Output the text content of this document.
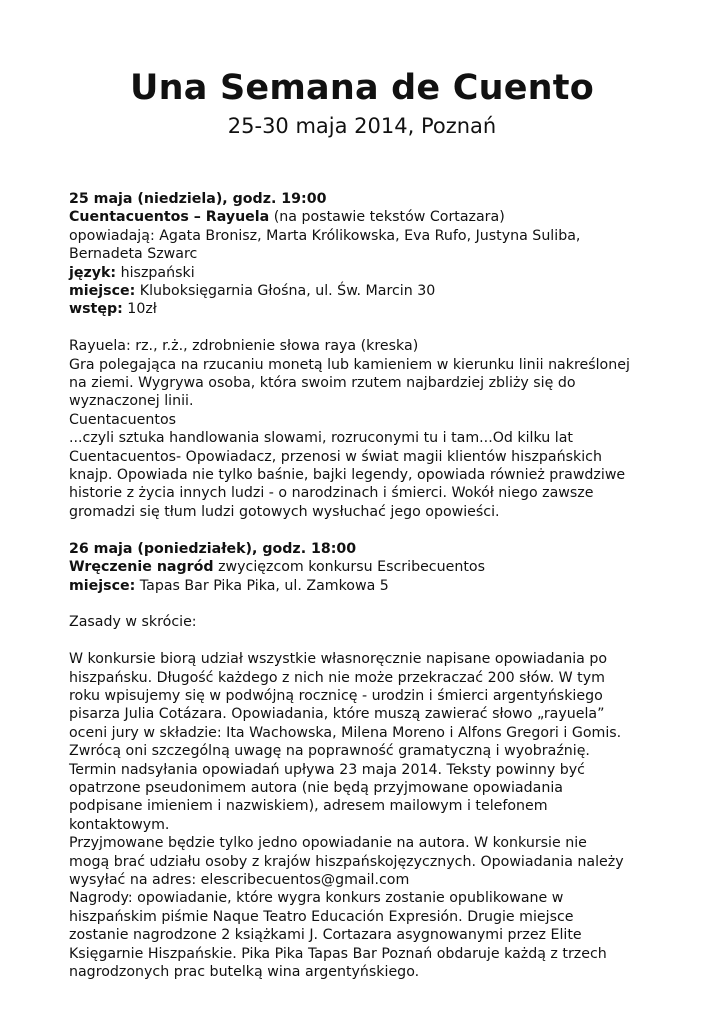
Una Semana de Cuento
25-30 maja 2014, Poznań

25 maja (niedziela), godz. 19:00

Cuentacuentos – Rayuela (na postawie tekstów Cortazara)

opowiadają: Agata Bronisz, Marta Królikowska, Eva Rufo, Justyna Suliba,

Bernadeta Szwarc

język: hiszpański

miejsce: Kluboksięgarnia Głośna, ul. Św. Marcin 30

wstęp: 10zł

Rayuela: rz., r.ż., zdrobnienie słowa raya (kreska)

Gra polegająca na rzucaniu monetą lub kamieniem w kierunku linii nakreślonej

na ziemi. Wygrywa osoba, która swoim rzutem najbardziej zbliży się do

wyznaczonej linii.

Cuentacuentos

...czyli sztuka handlowania slowami, rozruconymi tu i tam...Od kilku lat

Cuentacuentos- Opowiadacz, przenosi w świat magii klientów hiszpańskich

knajp. Opowiada nie tylko baśnie, bajki legendy, opowiada również prawdziwe

historie z życia innych ludzi - o narodzinach i śmierci. Wokół niego zawsze

gromadzi się tłum ludzi gotowych wysłuchać jego opowieści.

26 maja (poniedziałek), godz. 18:00

Wręczenie nagród zwycięzcom konkursu Escribecuentos

miejsce: Tapas Bar Pika Pika, ul. Zamkowa 5

Zasady w skrócie:

W konkursie biorą udział wszystkie własnoręcznie napisane opowiadania po

hiszpańsku. Długość każdego z nich nie może przekraczać 200 słów. W tym

roku wpisujemy się w podwójną rocznicę - urodzin i śmierci argentyńskiego

pisarza Julia Cotázara. Opowiadania, które muszą zawierać słowo „rayuela”

oceni jury w składzie: Ita Wachowska, Milena Moreno i Alfons Gregori i Gomis.

Zwrócą oni szczególną uwagę na poprawność gramatyczną i wyobraźnię.

Termin nadsyłania opowiadań upływa 23 maja 2014. Teksty powinny być

opatrzone pseudonimem autora (nie będą przyjmowane opowiadania

podpisane imieniem i nazwiskiem), adresem mailowym i telefonem

kontaktowym.

Przyjmowane będzie tylko jedno opowiadanie na autora. W konkursie nie

mogą brać udziału osoby z krajów hiszpańskojęzycznych. Opowiadania należy

wysyłać na adres: elescribecuentos@gmail.com

Nagrody: opowiadanie, które wygra konkurs zostanie opublikowane w

hiszpańskim piśmie Naque Teatro Educación Expresión. Drugie miejsce

zostanie nagrodzone 2 książkami J. Cortazara asygnowanymi przez Elite

Księgarnie Hiszpańskie. Pika Pika Tapas Bar Poznań obdaruje każdą z trzech

nagrodzonych prac butelką wina argentyńskiego.
